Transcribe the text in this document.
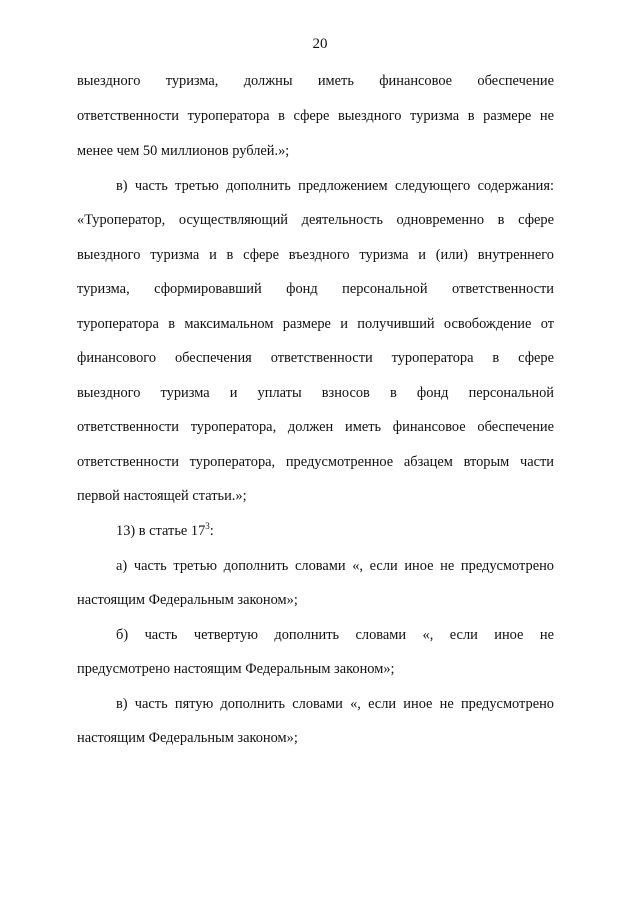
20
выездного туризма, должны иметь финансовое обеспечение
ответственности туроператора в сфере выездного туризма в размере не
менее чем 50 миллионов рублей.»;
в) часть третью дополнить предложением следующего содержания:
«Туроператор, осуществляющий деятельность одновременно в сфере
выездного туризма и в сфере въездного туризма и (или) внутреннего
туризма, сформировавший фонд персональной ответственности
туроператора в максимальном размере и получивший освобождение от
финансового обеспечения ответственности туроператора в сфере
выездного туризма и уплаты взносов в фонд персональной
ответственности туроператора, должен иметь финансовое обеспечение
ответственности туроператора, предусмотренное абзацем вторым части
первой настоящей статьи.»;
13) в статье $17^3$:
а) часть третью дополнить словами «, если иное не предусмотрено
настоящим Федеральным законом»;
б) часть четвертую дополнить словами «, если иное не
предусмотрено настоящим Федеральным законом»;
в) часть пятую дополнить словами «, если иное не предусмотрено
настоящим Федеральным законом»;
